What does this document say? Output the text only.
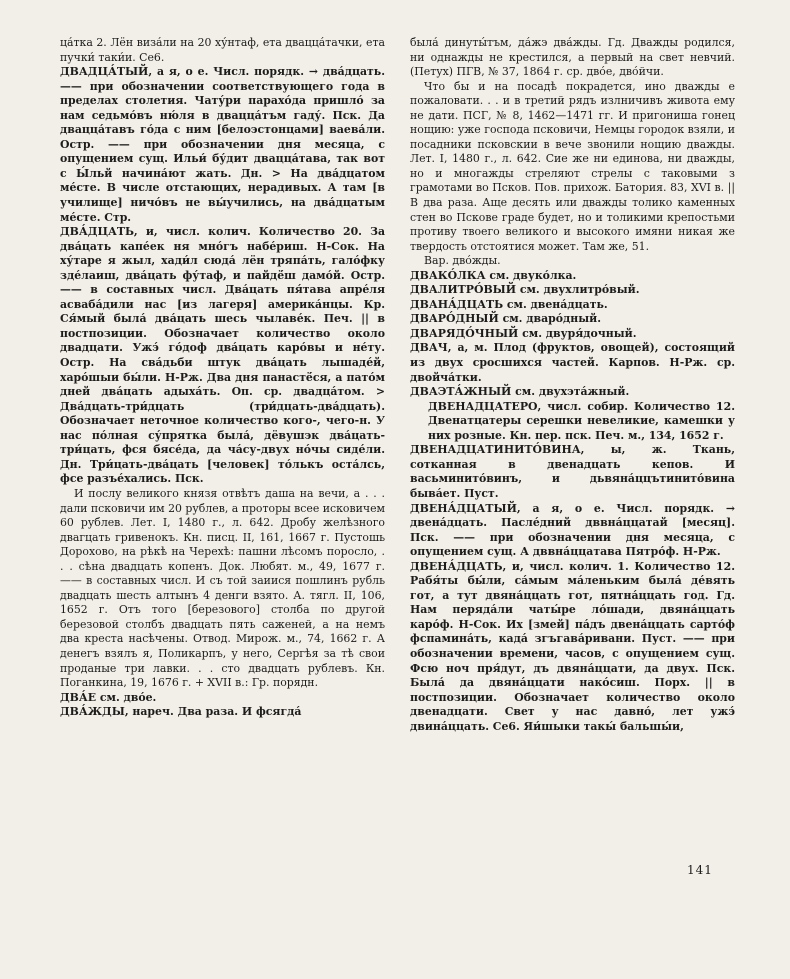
ца́тка 2. Лён виза́ли на 20 ху́нтаф, ета двацца́тачки, ета пучки́ таки́и. Се6.

ДВАДЦА́ТЫЙ, а я, о е. Числ. порядк. → два́дцать. —— при обозначении соответствующего года в пределах столетия. Чату́ри парахо́да пришло́ за нам седьмо́въ ню́ля в двацца́тъм гаду́. Пск. Да двацца́тавъ го́да с ним [белоэстонцами] ваева́ли. Остр. —— при обозначении дня месяца, с опущением сущ. Ильи́ бу́дит двацца́тава, так вот с Ы́льй начина́ют жать. Дн. > На два́дцатом ме́сте. В числе отстающих, нерадивых. А там [в училище] ничо́въ не вы́учились, на два́дцатым ме́сте. Стр.

ДВА́ДЦАТЬ, и, числ. колич. Количество 20. За два́цать капе́ек ня мно́гъ набе́риш. Н-Сок. На ху́таре я жыл, хади́л сюда́ лён тряпа́ть, гало́фку зде́лаиш, два́цать фу́таф, и пайдё́ш дамо́й. Остр. —— в составных числ. Два́цать пя́тава апре́ля асваба́дили нас [из лагеря] америка́нцы. Кр. Ся́мый была́ два́цать шесь чылаве́к. Печ. || в постпозиции. Обозначает количество около двадцати. Ужэ́ го́доф два́цать каро́вы и не́ту. Остр. На сва́дьби штук два́цать лышаде́й, харо́шыи бы́ли. Н-Рж. Два дня панастё́ся, а пато́м дней два́цать адыха́ть. Оп. ср. двадца́том. > Два́дцать-три́дцать (три́дцать-два́дцать). Обозначает неточное количество кого-, чего-н. У нас по́лная су́пряткa была́, дёвушэк два́цать-три́цать, фся бясе́да, да ча́су-двух но́чы сиде́ли. Дн. Три́цать-два́цать [человек] то́лькъ оста́лсь, фсе разъе́хались. Пск.

И послу великого князя отвѣтъ даша на вечи, а . . . дали псковичи им 20 рублев, а проторы всее исковичем 60 рублев. Лет. I, 1480 г., л. 642. Дробу желѣзного двагцать гривенокъ. Кн. писц. II, 161, 1667 г. Пустошь Дорохово, на рѣкѣ на Черехѣ: пашни лѣсомъ поросло, . . . сѣна двадцать копенъ. Док. Любят. м., 49, 1677 г. —— в составных числ. И съ той заиися пошлинъ рубль двадцать шесть алтынъ 4 денги взято. А. тягл. II, 106, 1652 г. Отъ того [березового] столба по другой березовой столбъ двадцать пять саженей, а на немъ два креста насѣчены. Отвод. Мирож. м., 74, 1662 г. А денегъ взялъ я, Поликарпъ, у него, Сергѣя за тѣ свои проданые три лавки. . . сто двадцать рублевъ. Кн. Поганкина, 19, 1676 г. + XVII в.: Гр. порядн.

ДВА́Е см. дво́е.

ДВА́ЖДЫ, нареч. Два раза. И фсягда́

была́ динуты́тъм, да́жэ два́жды. Гд. Дважды родился, ни однажды не крестился, а первый на свет невчий. (Петух) ПГВ, № 37, 1864 г. ср. дво́е, дво́йчи.

Что бы и на посадѣ покрадется, ино дважды е пожаловати. . . и в третий рядъ излничивъ живота ему не дати. ПСГ, № 8, 1462—1471 гг. И пригониша гонец нощию: уже господа псковичи, Немцы городок взяли, и посадники псковскии в вече звонили нощию дважды. Лет. I, 1480 г., л. 642. Сие же ни единова, ни дважды, но и многажды стреляют стрелы с таковыми з грамотами во Псков. Пов. прихож. Батория. 83, XVI в. || В два раза. Аще десять или дважды толико каменных стен во Пскове граде будет, но и толикими крепостьми противу твоего великого и высокого имяни никая же твердость отстоятися может. Там же, 51.

Вар. дво́жды.

ДВАКО́ЛКА см. двуко́лка.

ДВАЛИТРО́ВЫЙ см. двухлитро́вый.

ДВАНА́ДЦАТЬ см. двена́дцать.

ДВАРО́ДНЫЙ см. дваро́дный.

ДВАРЯДО́ЧНЫЙ см. двуря́дочный.

ДВАЧ, а, м. Плод (фруктов, овощей), состоящий из двух сросшихся частей. Карпов. Н-Рж. ср. двойча́тки.

ДВАЭТА́ЖНЫЙ см. двухэта́жный.

ДВЕНАДЦАТЕРО, числ. собир. Количество 12. Двенатцатеры серешки невеликие, камешки у них розные. Кн. пер. пск. Печ. м., 134, 1652 г.

ДВЕНАДЦАТИНИТО́ВИНА, ы, ж. Ткань, сотканная в двенадцать кепов. И васьминито́винъ, и дьвяна́ццътинито́вина быва́ет. Пуст.

ДВЕНА́ДЦАТЫЙ, а я, о е. Числ. порядк. → двена́дцать. Пасле́дний дввна́ццатай [месяц]. Пск. —— при обозначении дня месяца, с опущением сущ. А дввна́ццатава Пятро́ф. Н-Рж.

ДВЕНА́ДЦАТЬ, и, числ. колич. 1. Количество 12. Рабя́ты бы́ли, са́мым ма́леньким была́ де́вять гот, а тут двяна́ццать гот, пятна́ццать год. Гд. Нам перяда́ли чаты́ре ло́шади, двяна́ццать каро́ф. Н-Сок. Их [змей] па́дъ двена́ццать сарто́ф фспамина́ть, када́ згъгава́ривани. Пуст. —— при обозначении времени, часов, с опущением сущ. Фсю ноч пря́дут, дъ двяна́ццати, да двух. Пск. Была́ да двяна́ццати нако́сиш. Порх. || в постпозиции. Обозначает количество около двенадцати. Свет у нас давно́, лет ужэ́ двина́ццать. Се6. Яи́шыки такы́ бальшы́и,

141
